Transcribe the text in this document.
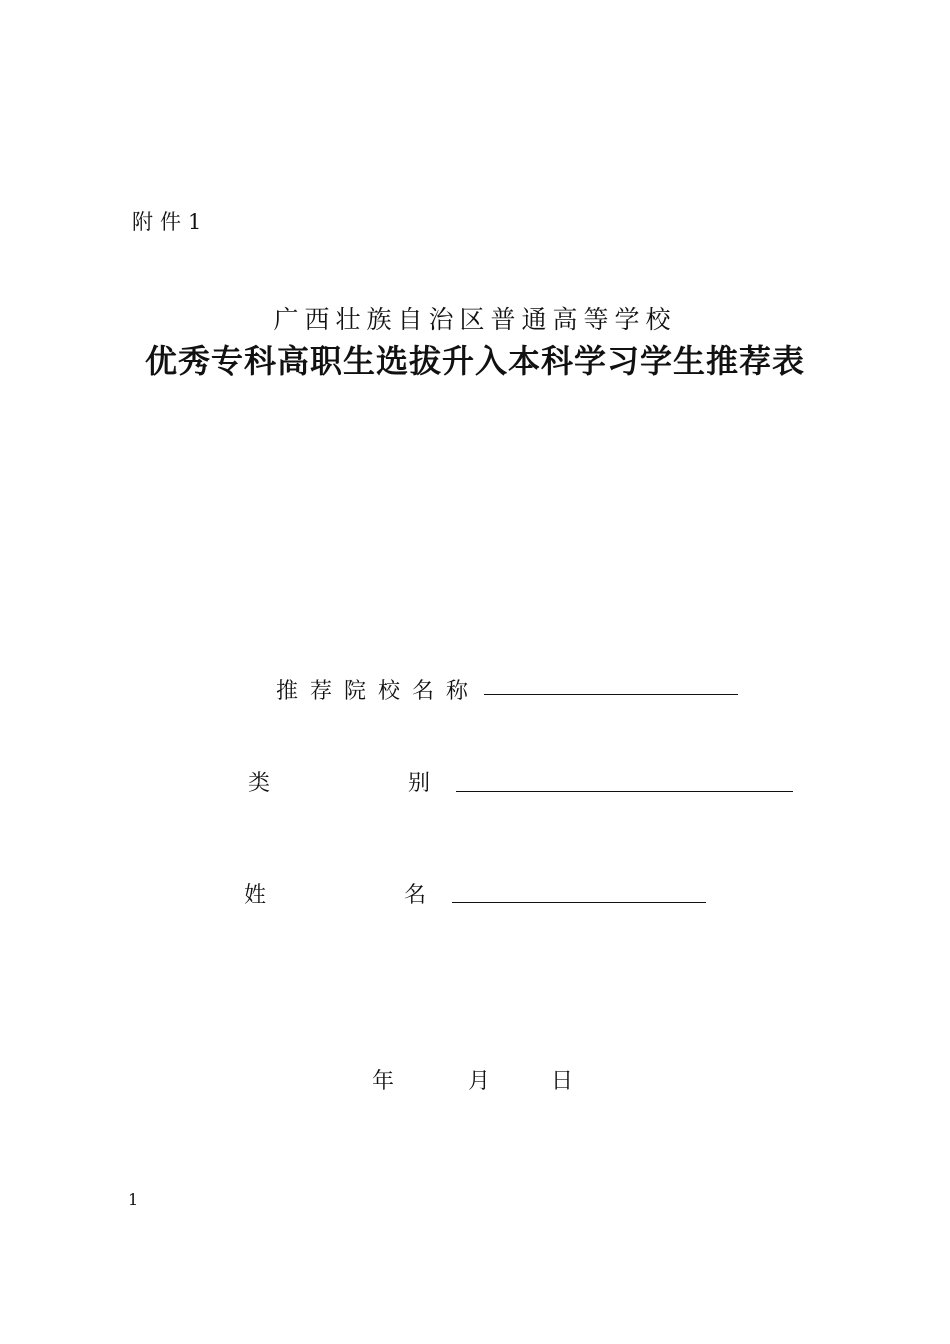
附件1
广西壮族自治区普通高等学校
优秀专科高职生选拔升入本科学习学生推荐表
推荐院校名称
类	别
姓	名
年	月	日
1
